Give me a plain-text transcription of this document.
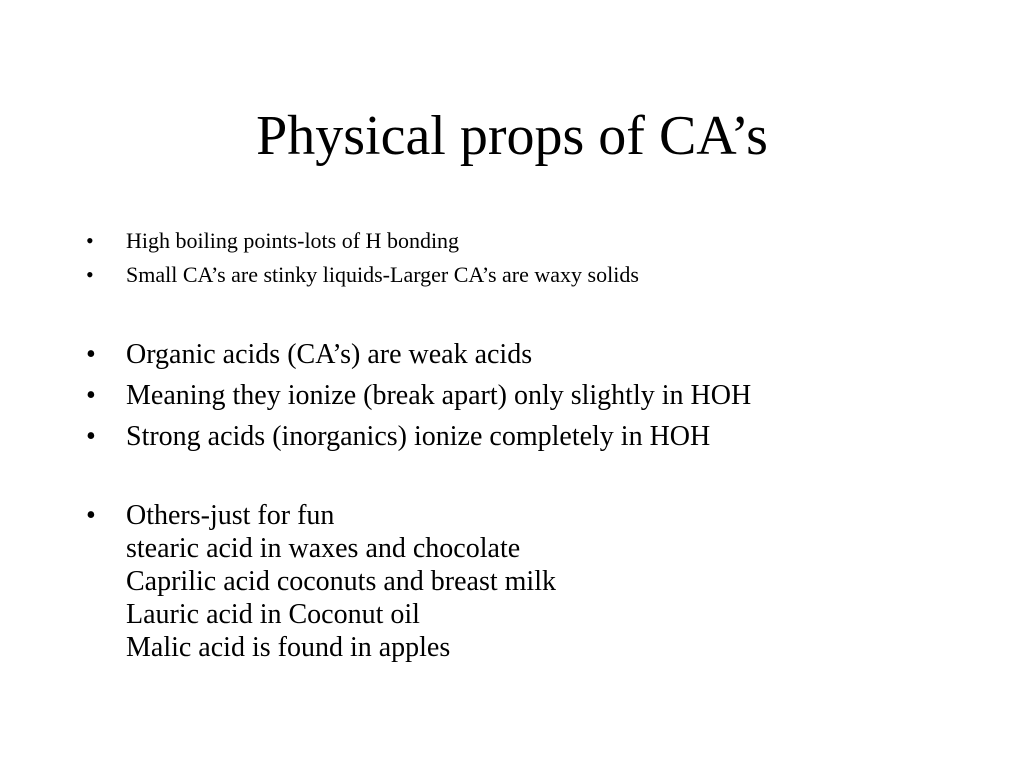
Physical props of CA’s
• High boiling points-lots of H bonding
• Small CA’s are stinky liquids-Larger CA’s are waxy solids
• Organic acids (CA’s) are weak acids
• Meaning they ionize (break apart) only slightly in HOH
• Strong acids (inorganics) ionize completely in HOH
• Others-just for fun
stearic acid in waxes and chocolate
Caprilic acid coconuts and breast milk
Lauric acid in Coconut oil
Malic acid is found in apples
